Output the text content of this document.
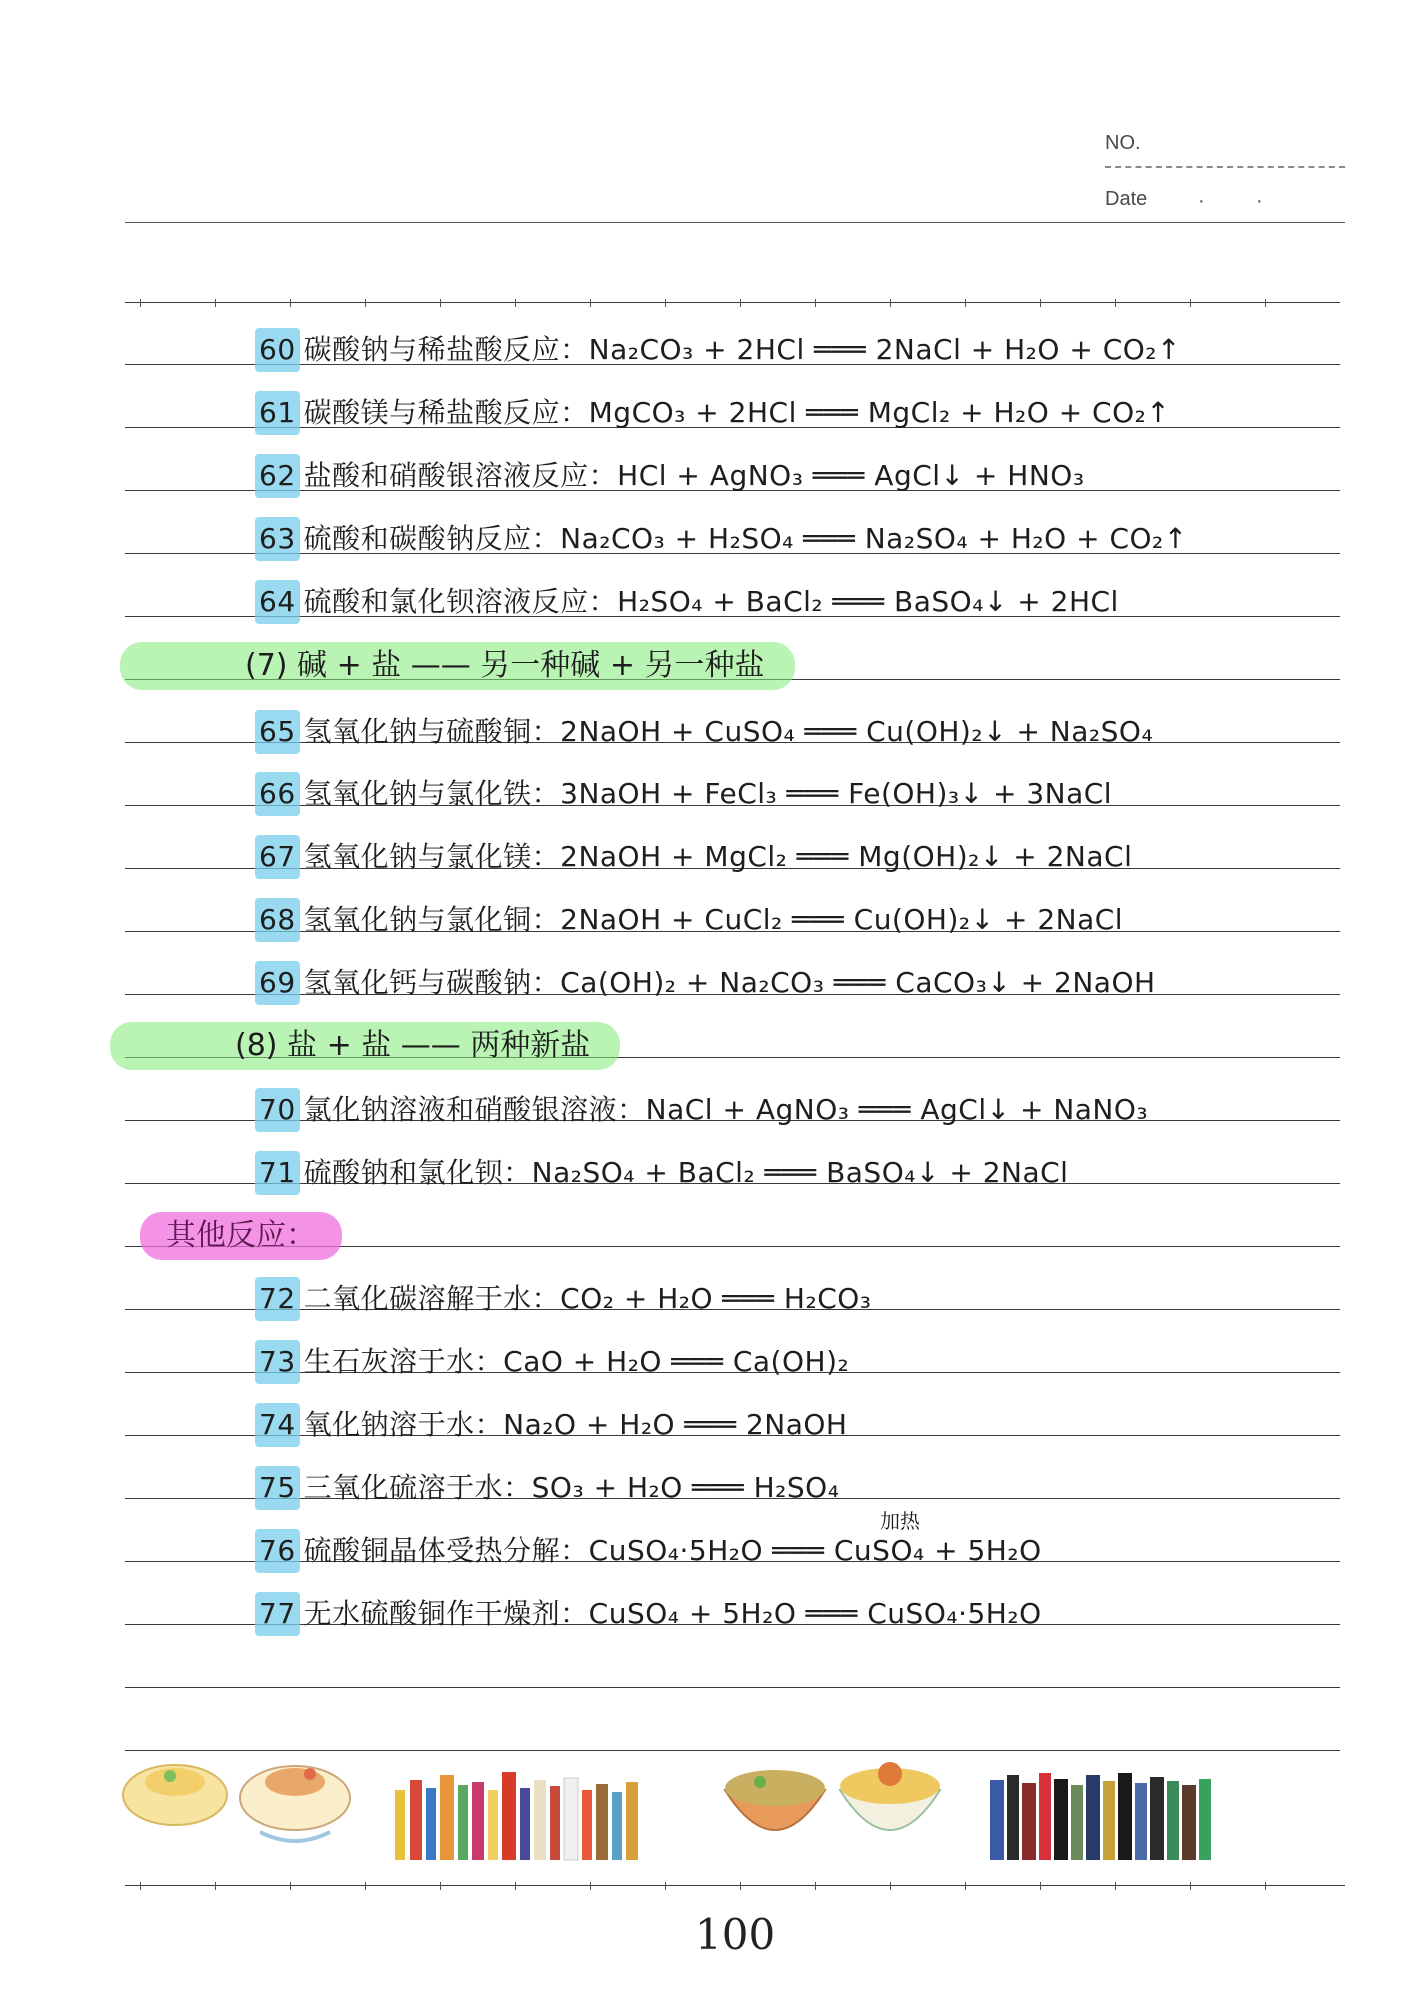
NO.
Date	·	·
60 碳酸钠与稀盐酸反应：Na₂CO₃ + 2HCl ═══ 2NaCl + H₂O + CO₂↑
61 碳酸镁与稀盐酸反应：MgCO₃ + 2HCl ═══ MgCl₂ + H₂O + CO₂↑
62 盐酸和硝酸银溶液反应：HCl + AgNO₃ ═══ AgCl↓ + HNO₃
63 硫酸和碳酸钠反应：Na₂CO₃ + H₂SO₄ ═══ Na₂SO₄ + H₂O + CO₂↑
64 硫酸和氯化钡溶液反应：H₂SO₄ + BaCl₂ ═══ BaSO₄↓ + 2HCl
(7) 碱 + 盐 —— 另一种碱 + 另一种盐
65 氢氧化钠与硫酸铜：2NaOH + CuSO₄ ═══ Cu(OH)₂↓ + Na₂SO₄
66 氢氧化钠与氯化铁：3NaOH + FeCl₃ ═══ Fe(OH)₃↓ + 3NaCl
67 氢氧化钠与氯化镁：2NaOH + MgCl₂ ═══ Mg(OH)₂↓ + 2NaCl
68 氢氧化钠与氯化铜：2NaOH + CuCl₂ ═══ Cu(OH)₂↓ + 2NaCl
69 氢氧化钙与碳酸钠：Ca(OH)₂ + Na₂CO₃ ═══ CaCO₃↓ + 2NaOH
(8) 盐 + 盐 —— 两种新盐
70 氯化钠溶液和硝酸银溶液：NaCl + AgNO₃ ═══ AgCl↓ + NaNO₃
71 硫酸钠和氯化钡：Na₂SO₄ + BaCl₂ ═══ BaSO₄↓ + 2NaCl
其他反应：
72 二氧化碳溶解于水：CO₂ + H₂O ═══ H₂CO₃
73 生石灰溶于水：CaO + H₂O ═══ Ca(OH)₂
74 氧化钠溶于水：Na₂O + H₂O ═══ 2NaOH
75 三氧化硫溶于水：SO₃ + H₂O ═══ H₂SO₄
加热
76 硫酸铜晶体受热分解：CuSO₄·5H₂O ═══ CuSO₄ + 5H₂O
77 无水硫酸铜作干燥剂：CuSO₄ + 5H₂O ═══ CuSO₄·5H₂O
100
